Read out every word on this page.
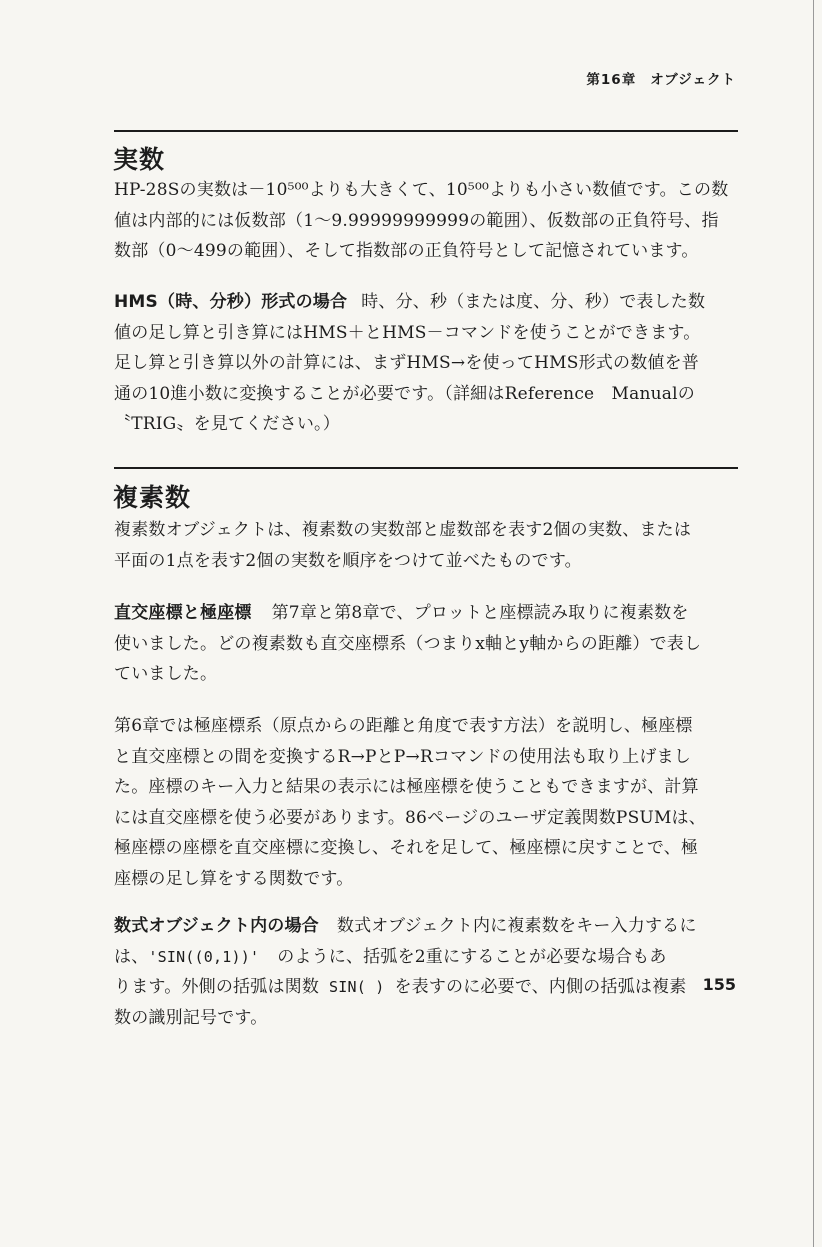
第16章 オブジェクト
実数

HP-28Sの実数は－10⁵⁰⁰よりも大きくて、10⁵⁰⁰よりも小さい数値です。この数
値は内部的には仮数部（1～9.99999999999の範囲）、仮数部の正負符号、指
数部（0～499の範囲）、そして指数部の正負符号として記憶されています。

HMS（時、分秒）形式の場合 時、分、秒（または度、分、秒）で表した数
値の足し算と引き算にはHMS＋とHMS－コマンドを使うことができます。
足し算と引き算以外の計算には、まずHMS→を使ってHMS形式の数値を普
通の10進小数に変換することが必要です。（詳細はReference　Manualの
〝TRIG〟を見てください。）

複素数

複素数オブジェクトは、複素数の実数部と虚数部を表す2個の実数、または
平面の1点を表す2個の実数を順序をつけて並べたものです。

直交座標と極座標 第7章と第8章で、プロットと座標読み取りに複素数を
使いました。どの複素数も直交座標系（つまりx軸とy軸からの距離）で表し
ていました。

第6章では極座標系（原点からの距離と角度で表す方法）を説明し、極座標
と直交座標との間を変換するR→PとP→Rコマンドの使用法も取り上げまし
た。座標のキー入力と結果の表示には極座標を使うこともできますが、計算
には直交座標を使う必要があります。86ページのユーザ定義関数PSUMは、
極座標の座標を直交座標に変換し、それを足して、極座標に戻すことで、極
座標の足し算をする関数です。

数式オブジェクト内の場合 数式オブジェクト内に複素数をキー入力するに
は、'SIN((0,1))' のように、括弧を2重にすることが必要な場合もあ
ります。外側の括弧は関数 SIN( ) を表すのに必要で、内側の括弧は複素
数の識別記号です。

155
